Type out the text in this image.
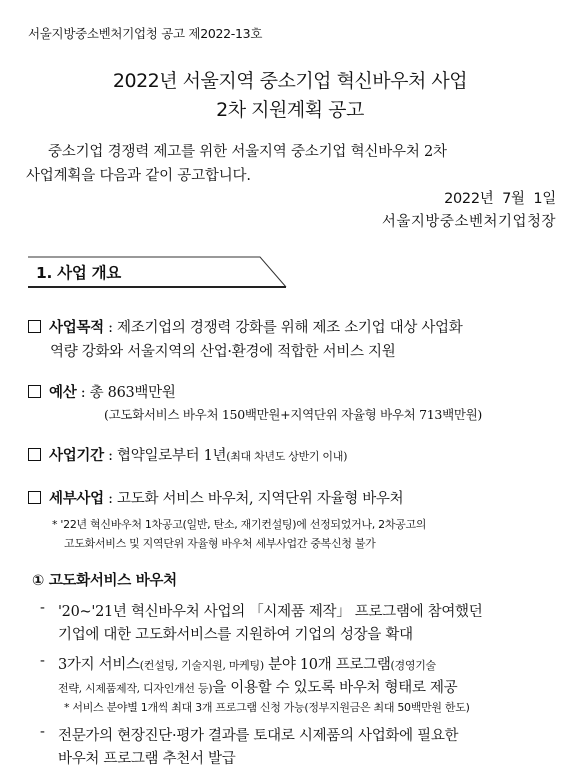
서울지방중소벤처기업청 공고 제2022-13호
2022년 서울지역 중소기업 혁신바우처 사업
2차 지원계획 공고
중소기업 경쟁력 제고를 위한 서울지역 중소기업 혁신바우처 2차
사업계획을 다음과 같이 공고합니다.
2022년  7월  1일
서울지방중소벤처기업청장
1. 사업 개요
사업목적 : 제조기업의 경쟁력 강화를 위해 제조 소기업 대상 사업화
역량 강화와 서울지역의 산업·환경에 적합한 서비스 지원
예산 : 총 863백만원
(고도화서비스 바우처 150백만원+지역단위 자율형 바우처 713백만원)
사업기간 : 협약일로부터 1년(최대 차년도 상반기 이내)
세부사업 : 고도화 서비스 바우처, 지역단위 자율형 바우처
* '22년 혁신바우처 1차공고(일반, 탄소, 재기컨설팅)에 선정되었거나, 2차공고의
고도화서비스 및 지역단위 자율형 바우처 세부사업간 중복신청 불가
① 고도화서비스 바우처
- '20~'21년 혁신바우처 사업의 「시제품 제작」 프로그램에 참여했던
기업에 대한 고도화서비스를 지원하여 기업의 성장을 확대
- 3가지 서비스(컨설팅, 기술지원, 마케팅) 분야 10개 프로그램(경영기술
전략, 시제품제작, 디자인개선 등)을 이용할 수 있도록 바우처 형태로 제공
* 서비스 분야별 1개씩 최대 3개 프로그램 신청 가능(정부지원금은 최대 50백만원 한도)
- 전문가의 현장진단·평가 결과를 토대로 시제품의 사업화에 필요한
바우처 프로그램 추천서 발급
